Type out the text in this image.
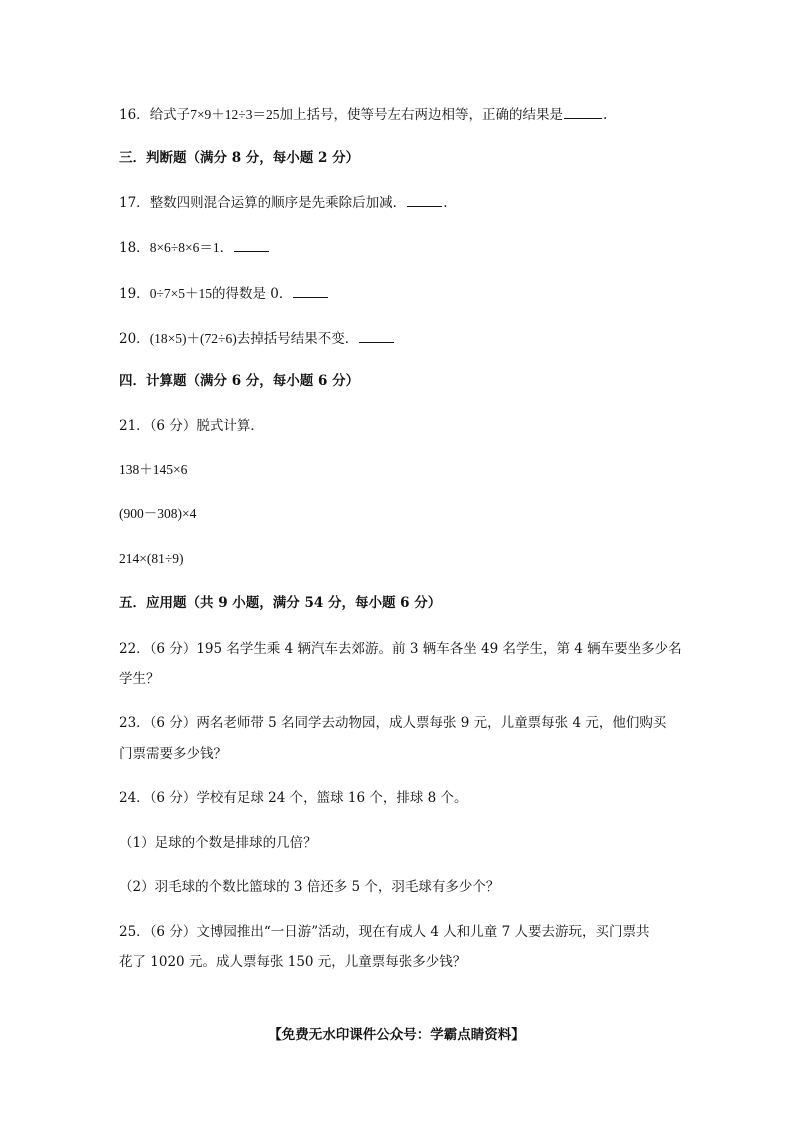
16．给式子7×9＋12÷3＝25加上括号，使等号左右两边相等，正确的结果是	.
三．判断题（满分 8 分，每小题 2 分）
17．整数四则混合运算的顺序是先乘除后加减．	.
18．8×6÷8×6＝1．
19．0÷7×5＋15的得数是 0．
20．(18×5)＋(72÷6)去掉括号结果不变．
四．计算题（满分 6 分，每小题 6 分）
21．（6 分）脱式计算．
138＋145×6
(900－308)×4
214×(81÷9)
五．应用题（共 9 小题，满分 54 分，每小题 6 分）
22．（6 分）195 名学生乘 4 辆汽车去郊游。前 3 辆车各坐 49 名学生，第 4 辆车要坐多少名
学生？
23．（6 分）两名老师带 5 名同学去动物园，成人票每张 9 元，儿童票每张 4 元，他们购买
门票需要多少钱？
24．（6 分）学校有足球 24 个，篮球 16 个，排球 8 个。
（1）足球的个数是排球的几倍？
（2）羽毛球的个数比篮球的 3 倍还多 5 个，羽毛球有多少个？
25．（6 分）文博园推出“一日游”活动，现在有成人 4 人和儿童 7 人要去游玩，买门票共
花了 1020 元。成人票每张 150 元，儿童票每张多少钱？
【免费无水印课件公众号：学霸点睛资料】
